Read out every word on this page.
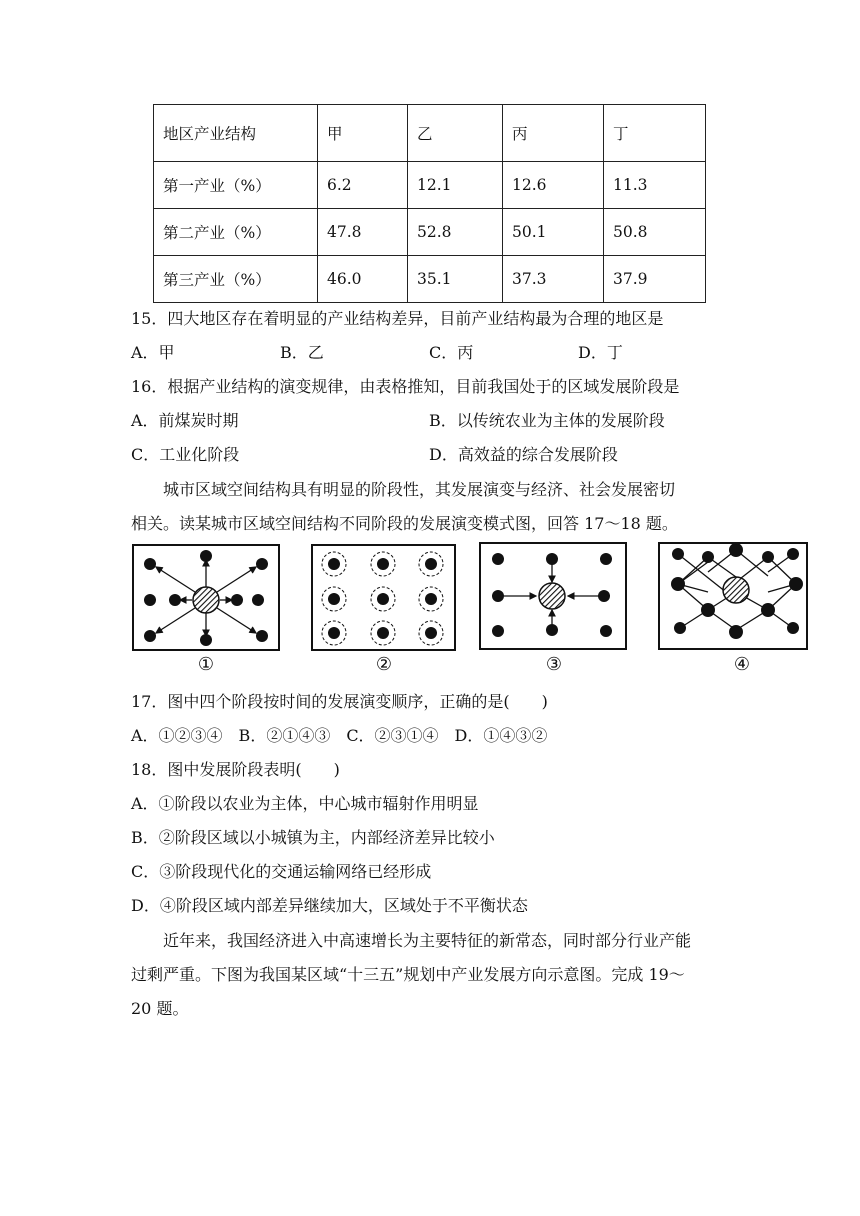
地区产业结构	甲	乙	丙	丁
第一产业（%）	6.2	12.1	12.6	11.3
第二产业（%）	47.8	52.8	50.1	50.8
第三产业（%）	46.0	35.1	37.3	37.9
15．四大地区存在着明显的产业结构差异，目前产业结构最为合理的地区是
A．甲	B．乙	C．丙	D．丁
16．根据产业结构的演变规律，由表格推知，目前我国处于的区域发展阶段是
A．前煤炭时期	B．以传统农业为主体的发展阶段
C．工业化阶段	D．高效益的综合发展阶段
城市区域空间结构具有明显的阶段性，其发展演变与经济、社会发展密切
相关。读某城市区域空间结构不同阶段的发展演变模式图，回答 17～18 题。
①	②	③	④
17．图中四个阶段按时间的发展演变顺序，正确的是(　　)
A．①②③④　B．②①④③　C．②③①④　D．①④③②
18．图中发展阶段表明(　　)
A．①阶段以农业为主体，中心城市辐射作用明显
B．②阶段区域以小城镇为主，内部经济差异比较小
C．③阶段现代化的交通运输网络已经形成
D．④阶段区域内部差异继续加大，区域处于不平衡状态
近年来，我国经济进入中高速增长为主要特征的新常态，同时部分行业产能
过剩严重。下图为我国某区域“十三五”规划中产业发展方向示意图。完成 19～
20 题。
